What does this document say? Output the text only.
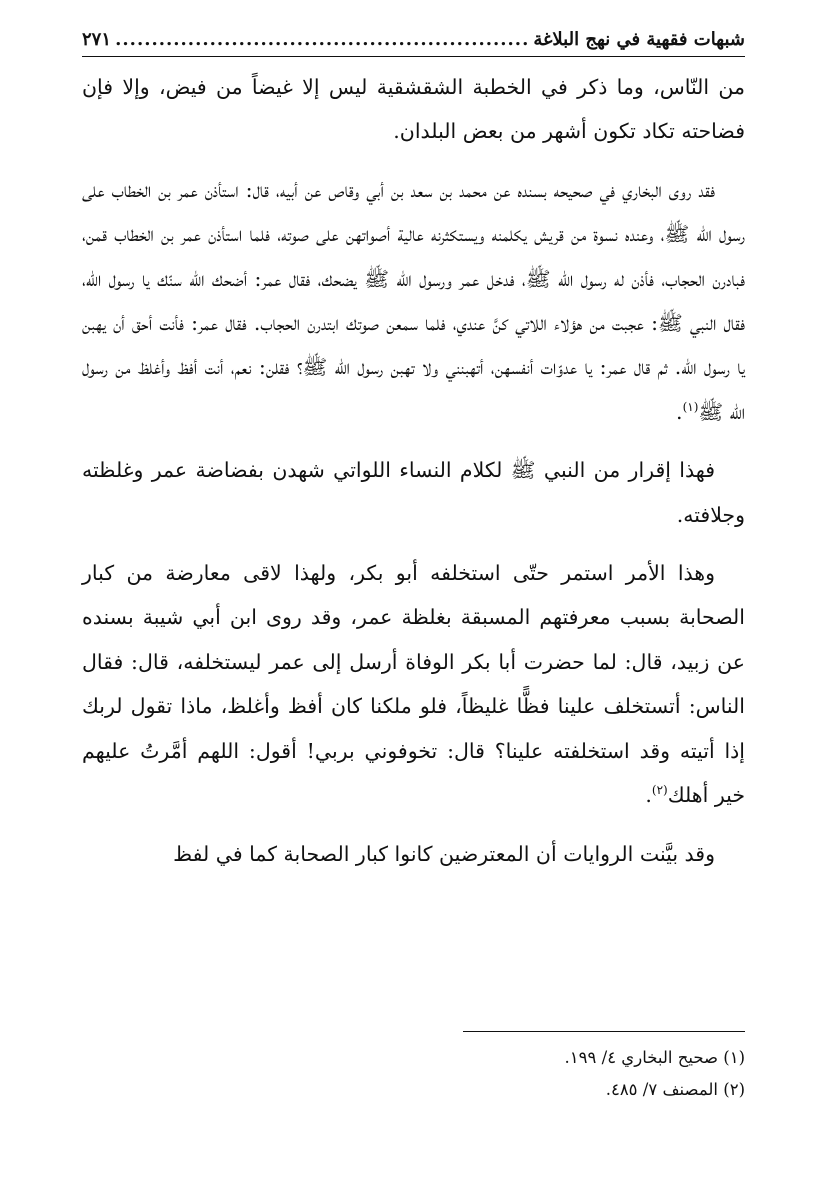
شبهات فقهية في نهج البلاغة
.....
٢٧١

من النّاس، وما ذكر في الخطبة الشقشقية ليس إلا غيضاً من فيض، وإلا فإن فضاحته تكاد تكون أشهر من بعض البلدان.

فقد روى البخاري في صحيحه بسنده عن محمد بن سعد بن أبي وقاص عن أبيه، قال: استأذن عمر بن الخطاب على رسول الله ﷺ، وعنده نسوة من قريش يكلمنه ويستكثرنه عالية أصواتهن على صوته، فلما استأذن عمر بن الخطاب قمن، فبادرن الحجاب، فأذن له رسول الله ﷺ، فدخل عمر ورسول الله ﷺ يضحك، فقال عمر: أضحك الله سنّك يا رسول الله، فقال النبي ﷺ: عجبت من هؤلاء اللاتي كنَّ عندي، فلما سمعن صوتك ابتدرن الحجاب. فقال عمر: فأنت أحق أن يهبن يا رسول الله. ثم قال عمر: يا عدوّات أنفسهن، أتهبنني ولا تهبن رسول الله ﷺ؟ فقلن: نعم، أنت أفظ وأغلظ من رسول الله ﷺ$^{(١)}$.

فهذا إقرار من النبي ﷺ لكلام النساء اللواتي شهدن بفضاضة عمر وغلظته وجلافته.

وهذا الأمر استمر حتّى استخلفه أبو بكر، ولهذا لاقى معارضة من كبار الصحابة بسبب معرفتهم المسبقة بغلظة عمر، وقد روى ابن أبي شيبة بسنده عن زبيد، قال: لما حضرت أبا بكر الوفاة أرسل إلى عمر ليستخلفه، قال: فقال الناس: أتستخلف علينا فظًّا غليظاً، فلو ملكنا كان أفظ وأغلظ، ماذا تقول لربك إذا أتيته وقد استخلفته علينا؟ قال: تخوفوني بربي! أقول: اللهم أمَّرتُ عليهم خير أهلك$^{(٢)}$.

وقد بيَّنت الروايات أن المعترضين كانوا كبار الصحابة كما في لفظ

(١) صحيح البخاري ٤/ ١٩٩.

(٢) المصنف ٧/ ٤٨٥.
